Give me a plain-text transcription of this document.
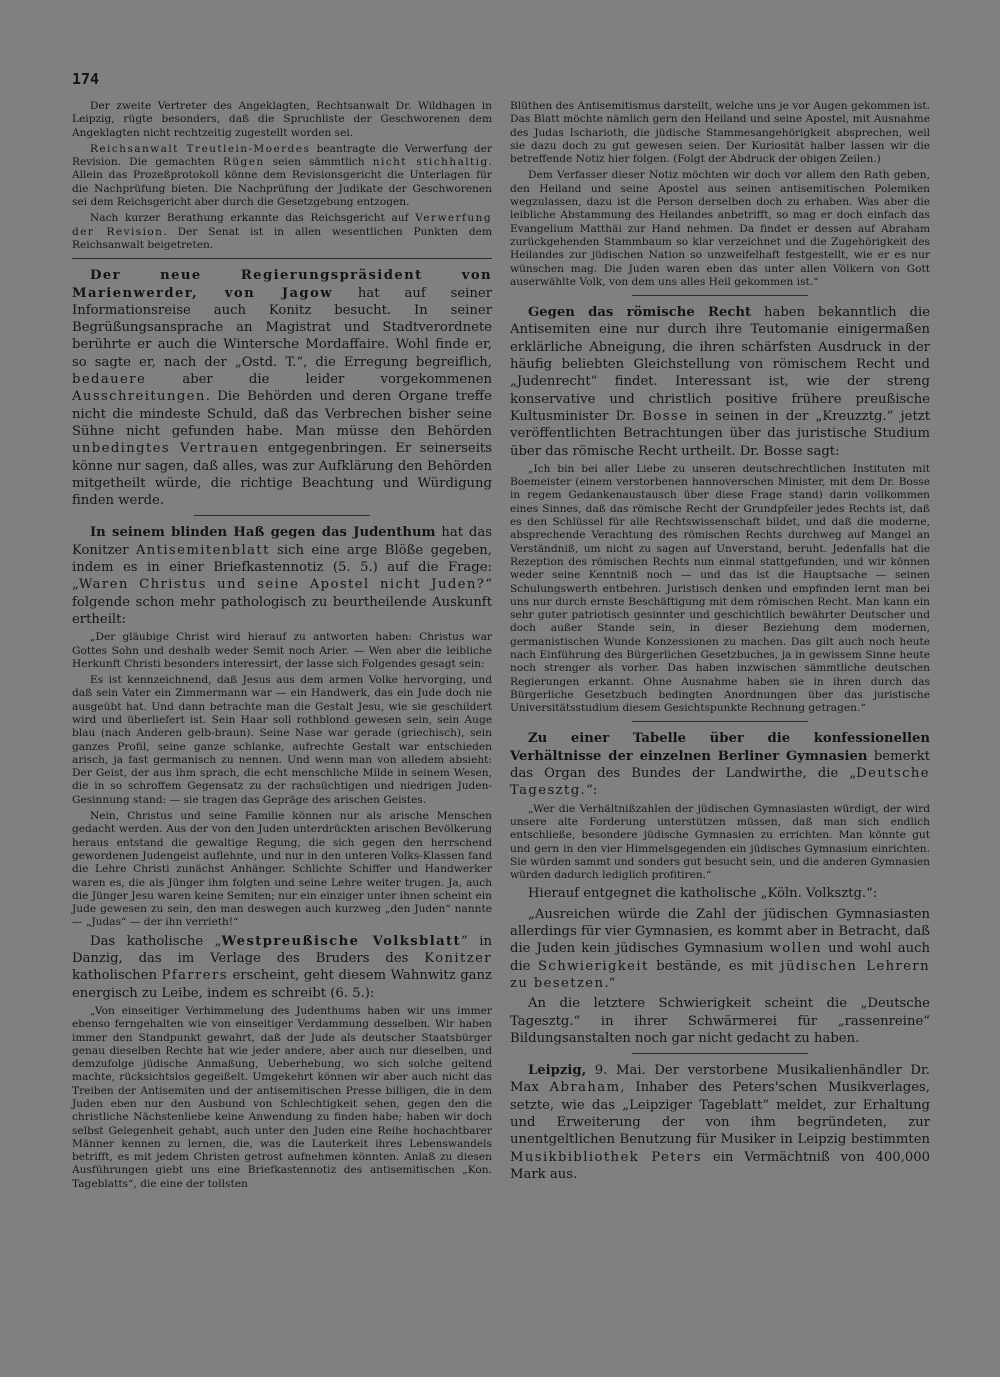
174

Der zweite Vertreter des Angeklagten, Rechtsanwalt Dr. Wildhagen in Leipzig, rügte besonders, daß die Spruchliste der Geschworenen dem Angeklagten nicht rechtzeitig zugestellt worden sei.

Reichsanwalt Treutlein-Moerdes beantragte die Verwerfung der Revision. Die gemachten Rügen seien sämmtlich nicht stichhaltig. Allein das Prozeßprotokoll könne dem Revisionsgericht die Unterlagen für die Nachprüfung bieten. Die Nachprüfung der Judikate der Geschworenen sei dem Reichsgericht aber durch die Gesetzgebung entzogen.

Nach kurzer Berathung erkannte das Reichsgericht auf Verwerfung der Revision. Der Senat ist in allen wesentlichen Punkten dem Reichsanwalt beigetreten.

Der neue Regierungspräsident von Marienwerder, von Jagow hat auf seiner Informationsreise auch Konitz besucht. In seiner Begrüßungsansprache an Magistrat und Stadtverordnete berührte er auch die Wintersche Mordaffaire. Wohl finde er, so sagte er, nach der „Ostd. T.“, die Erregung begreiflich, bedauere aber die leider vorgekommenen Ausschreitungen. Die Behörden und deren Organe treffe nicht die mindeste Schuld, daß das Verbrechen bisher seine Sühne nicht gefunden habe. Man müsse den Behörden unbedingtes Vertrauen entgegenbringen. Er seinerseits könne nur sagen, daß alles, was zur Aufklärung den Behörden mitgetheilt würde, die richtige Beachtung und Würdigung finden werde.

In seinem blinden Haß gegen das Judenthum hat das Konitzer Antisemitenblatt sich eine arge Blöße gegeben, indem es in einer Briefkastennotiz (5. 5.) auf die Frage: „Waren Christus und seine Apostel nicht Juden?“ folgende schon mehr pathologisch zu beurtheilende Auskunft ertheilt:

„Der gläubige Christ wird hierauf zu antworten haben: Christus war Gottes Sohn und deshalb weder Semit noch Arier. — Wen aber die leibliche Herkunft Christi besonders interessirt, der lasse sich Folgendes gesagt sein:

Es ist kennzeichnend, daß Jesus aus dem armen Volke hervorging, und daß sein Vater ein Zimmermann war — ein Handwerk, das ein Jude doch nie ausgeübt hat. Und dann betrachte man die Gestalt Jesu, wie sie geschildert wird und überliefert ist. Sein Haar soll rothblond gewesen sein, sein Auge blau (nach Anderen gelb-braun). Seine Nase war gerade (griechisch), sein ganzes Profil, seine ganze schlanke, aufrechte Gestalt war entschieden arisch, ja fast germanisch zu nennen. Und wenn man von alledem absieht: Der Geist, der aus ihm sprach, die echt menschliche Milde in seinem Wesen, die in so schroffem Gegensatz zu der rachsüchtigen und niedrigen Juden-Gesinnung stand: — sie tragen das Gepräge des arischen Geistes.

Nein, Christus und seine Familie können nur als arische Menschen gedacht werden. Aus der von den Juden unterdrückten arischen Bevölkerung heraus entstand die gewaltige Regung, die sich gegen den herrschend gewordenen Judengeist auflehnte, und nur in den unteren Volks-Klassen fand die Lehre Christi zunächst Anhänger. Schlichte Schiffer und Handwerker waren es, die als Jünger ihm folgten und seine Lehre weiter trugen. Ja, auch die Jünger Jesu waren keine Semiten; nur ein einziger unter ihnen scheint ein Jude gewesen zu sein, den man deswegen auch kurzweg „den Juden“ nannte — „Judas“ — der ihn verrieth!“

Das katholische „Westpreußische Volksblatt“ in Danzig, das im Verlage des Bruders des Konitzer katholischen Pfarrers erscheint, geht diesem Wahnwitz ganz energisch zu Leibe, indem es schreibt (6. 5.):

„Von einseitiger Verhimmelung des Judenthums haben wir uns immer ebenso ferngehalten wie von einseitiger Verdammung desselben. Wir haben immer den Standpunkt gewahrt, daß der Jude als deutscher Staatsbürger genau dieselben Rechte hat wie jeder andere, aber auch nur dieselben, und demzufolge jüdische Anmaßung, Ueberhebung, wo sich solche geltend machte, rücksichtslos gegeißelt. Umgekehrt können wir aber auch nicht das Treiben der Antisemiten und der antisemitischen Presse billigen, die in dem Juden eben nur den Ausbund von Schlechtigkeit sehen, gegen den die christliche Nächstenliebe keine Anwendung zu finden habe; haben wir doch selbst Gelegenheit gehabt, auch unter den Juden eine Reihe hochachtbarer Männer kennen zu lernen, die, was die Lauterkeit ihres Lebenswandels betrifft, es mit jedem Christen getrost aufnehmen könnten. Anlaß zu diesen Ausführungen giebt uns eine Briefkastennotiz des antisemitischen „Kon. Tageblatts“, die eine der tollsten

Blüthen des Antisemitismus darstellt, welche uns je vor Augen gekommen ist. Das Blatt möchte nämlich gern den Heiland und seine Apostel, mit Ausnahme des Judas Ischarioth, die jüdische Stammesangehörigkeit absprechen, weil sie dazu doch zu gut gewesen seien. Der Kuriosität halber lassen wir die betreffende Notiz hier folgen. (Folgt der Abdruck der obigen Zeilen.)

Dem Verfasser dieser Notiz möchten wir doch vor allem den Rath geben, den Heiland und seine Apostel aus seinen antisemitischen Polemiken wegzulassen, dazu ist die Person derselben doch zu erhaben. Was aber die leibliche Abstammung des Heilandes anbetrifft, so mag er doch einfach das Evangelium Matthäi zur Hand nehmen. Da findet er dessen auf Abraham zurückgehenden Stammbaum so klar verzeichnet und die Zugehörigkeit des Heilandes zur jüdischen Nation so unzweifelhaft festgestellt, wie er es nur wünschen mag. Die Juden waren eben das unter allen Völkern von Gott auserwählte Volk, von dem uns alles Heil gekommen ist.“

Gegen das römische Recht haben bekanntlich die Antisemiten eine nur durch ihre Teutomanie einigermaßen erklärliche Abneigung, die ihren schärfsten Ausdruck in der häufig beliebten Gleichstellung von römischem Recht und „Judenrecht“ findet. Interessant ist, wie der streng konservative und christlich positive frühere preußische Kultusminister Dr. Bosse in seinen in der „Kreuzztg.“ jetzt veröffentlichten Betrachtungen über das juristische Studium über das römische Recht urtheilt. Dr. Bosse sagt:

„Ich bin bei aller Liebe zu unseren deutschrechtlichen Instituten mit Boemeister (einem verstorbenen hannoverschen Minister, mit dem Dr. Bosse in regem Gedankenaustausch über diese Frage stand) darin vollkommen eines Sinnes, daß das römische Recht der Grundpfeiler jedes Rechts ist, daß es den Schlüssel für alle Rechtswissenschaft bildet, und daß die moderne, absprechende Verachtung des römischen Rechts durchweg auf Mangel an Verständniß, um nicht zu sagen auf Unverstand, beruht. Jedenfalls hat die Rezeption des römischen Rechts nun einmal stattgefunden, und wir können weder seine Kenntniß noch — und das ist die Hauptsache — seinen Schulungswerth entbehren. Juristisch denken und empfinden lernt man bei uns nur durch ernste Beschäftigung mit dem römischen Recht. Man kann ein sehr guter patriotisch gesinnter und geschichtlich bewährter Deutscher und doch außer Stande sein, in dieser Beziehung dem modernen, germanistischen Wunde Konzessionen zu machen. Das gilt auch noch heute nach Einführung des Bürgerlichen Gesetzbuches, ja in gewissem Sinne heute noch strenger als vorher. Das haben inzwischen sämmtliche deutschen Regierungen erkannt. Ohne Ausnahme haben sie in ihren durch das Bürgerliche Gesetzbuch bedingten Anordnungen über das juristische Universitätsstudium diesem Gesichtspunkte Rechnung getragen.“

Zu einer Tabelle über die konfessionellen Verhältnisse der einzelnen Berliner Gymnasien bemerkt das Organ des Bundes der Landwirthe, die „Deutsche Tagesztg.“:

„Wer die Verhältnißzahlen der jüdischen Gymnasiasten würdigt, der wird unsere alte Forderung unterstützen müssen, daß man sich endlich entschließe, besondere jüdische Gymnasien zu errichten. Man könnte gut und gern in den vier Himmelsgegenden ein jüdisches Gymnasium einrichten. Sie würden sammt und sonders gut besucht sein, und die anderen Gymnasien würden dadurch lediglich profitiren.“

Hierauf entgegnet die katholische „Köln. Volksztg.“:

„Ausreichen würde die Zahl der jüdischen Gymnasiasten allerdings für vier Gymnasien, es kommt aber in Betracht, daß die Juden kein jüdisches Gymnasium wollen und wohl auch die Schwierigkeit bestände, es mit jüdischen Lehrern zu besetzen.“

An die letztere Schwierigkeit scheint die „Deutsche Tagesztg.“ in ihrer Schwärmerei für „rassenreine“ Bildungsanstalten noch gar nicht gedacht zu haben.

Leipzig, 9. Mai. Der verstorbene Musikalienhändler Dr. Max Abraham, Inhaber des Peters'schen Musikverlages, setzte, wie das „Leipziger Tageblatt“ meldet, zur Erhaltung und Erweiterung der von ihm begründeten, zur unentgeltlichen Benutzung für Musiker in Leipzig bestimmten Musikbibliothek Peters ein Vermächtniß von 400,000 Mark aus.
